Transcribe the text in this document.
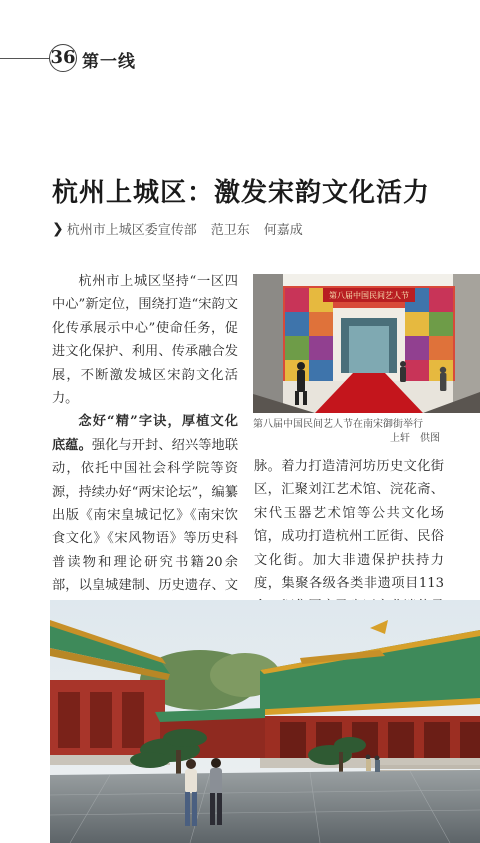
36 第一线
杭州上城区：激发宋韵文化活力
❯ 杭州市上城区委宣传部 范卫东 何嘉成

杭州市上城区坚持“一区四中心”新定位，围绕打造“宋韵文化传承展示中心”使命任务，促进文化保护、利用、传承融合发展，不断激发城区宋韵文化活力。

念好“精”字诀，厚植文化底蕴。强化与开封、绍兴等地联动，依托中国社会科学院等资源，持续办好“两宋论坛”，编纂出版《南宋皇城记忆》《南宋饮食文化》《宋风物语》等历史科普读物和理论研究书籍20余部，以皇城建制、历史遗存、文

第八届中国民间艺人节
第八届中国民间艺人节在南宋御街举行
上轩　供图
脉。着力打造清河坊历史文化街区，汇聚刘江艺术馆、浣花斋、宋代玉器艺术馆等公共文化场馆，成功打造杭州工匠街、民俗文化街。加大非遗保护扶持力度，集聚各级各类非遗项目113
